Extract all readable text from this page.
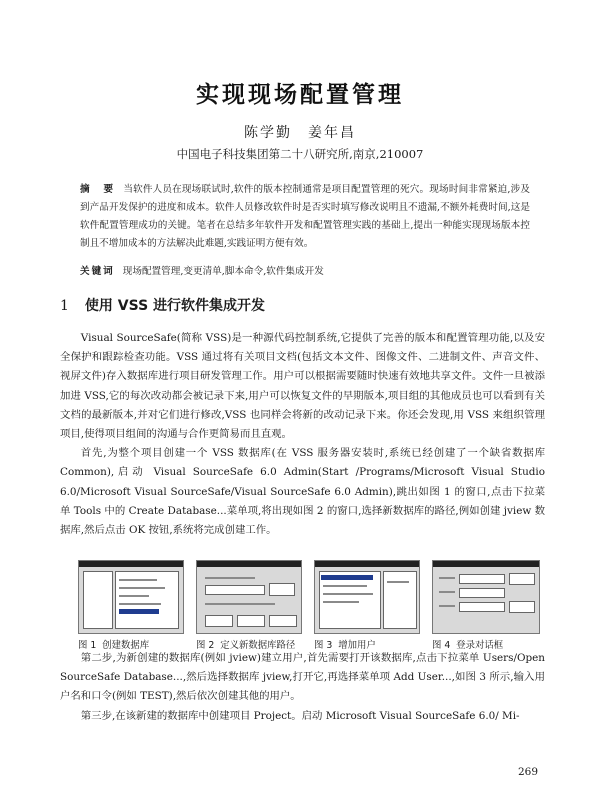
实现现场配置管理
陈学勤　姜年昌
中国电子科技集团第二十八研究所,南京,210007
摘　要 当软件人员在现场联试时,软件的版本控制通常是项目配置管理的死穴。现场时间非常紧迫,涉及到产品开发保护的进度和成本。软件人员修改软件时是否实时填写修改说明且不遗漏,不额外耗费时间,这是软件配置管理成功的关键。笔者在总结多年软件开发和配置管理实践的基础上,提出一种能实现现场版本控制且不增加成本的方法解决此难题,实践证明方便有效。
关键词 现场配置管理,变更清单,脚本命令,软件集成开发
1 使用 VSS 进行软件集成开发

Visual SourceSafe(简称 VSS)是一种源代码控制系统,它提供了完善的版本和配置管理功能,以及安全保护和跟踪检查功能。VSS 通过将有关项目文档(包括文本文件、图像文件、二进制文件、声音文件、视屏文件)存入数据库进行项目研发管理工作。用户可以根据需要随时快速有效地共享文件。文件一旦被添加进 VSS,它的每次改动都会被记录下来,用户可以恢复文件的早期版本,项目组的其他成员也可以看到有关文档的最新版本,并对它们进行修改,VSS 也同样会将新的改动记录下来。你还会发现,用 VSS 来组织管理项目,使得项目组间的沟通与合作更简易而且直观。

首先,为整个项目创建一个 VSS 数据库(在 VSS 服务器安装时,系统已经创建了一个缺省数据库 Common),启动 Visual SourceSafe 6.0 Admin(Start /Programs/Microsoft Visual Studio 6.0/Microsoft Visual SourceSafe/Visual SourceSafe 6.0 Admin),跳出如图 1 的窗口,点击下拉菜单 Tools 中的 Create Database...菜单项,将出现如图 2 的窗口,选择新数据库的路径,例如创建 jview 数据库,然后点击 OK 按钮,系统将完成创建工作。

图 1 创建数据库	图 2 定义新数据库路径 图 3 增加用户	图 4 登录对话框

第二步,为新创建的数据库(例如 jview)建立用户,首先需要打开该数据库,点击下拉菜单 Users/Open SourceSafe Database...,然后选择数据库 jview,打开它,再选择菜单项 Add User...,如图 3 所示,输入用户名和口令(例如 TEST),然后依次创建其他的用户。

第三步,在该新建的数据库中创建项目 Project。启动 Microsoft Visual SourceSafe 6.0/ Mi-

269
